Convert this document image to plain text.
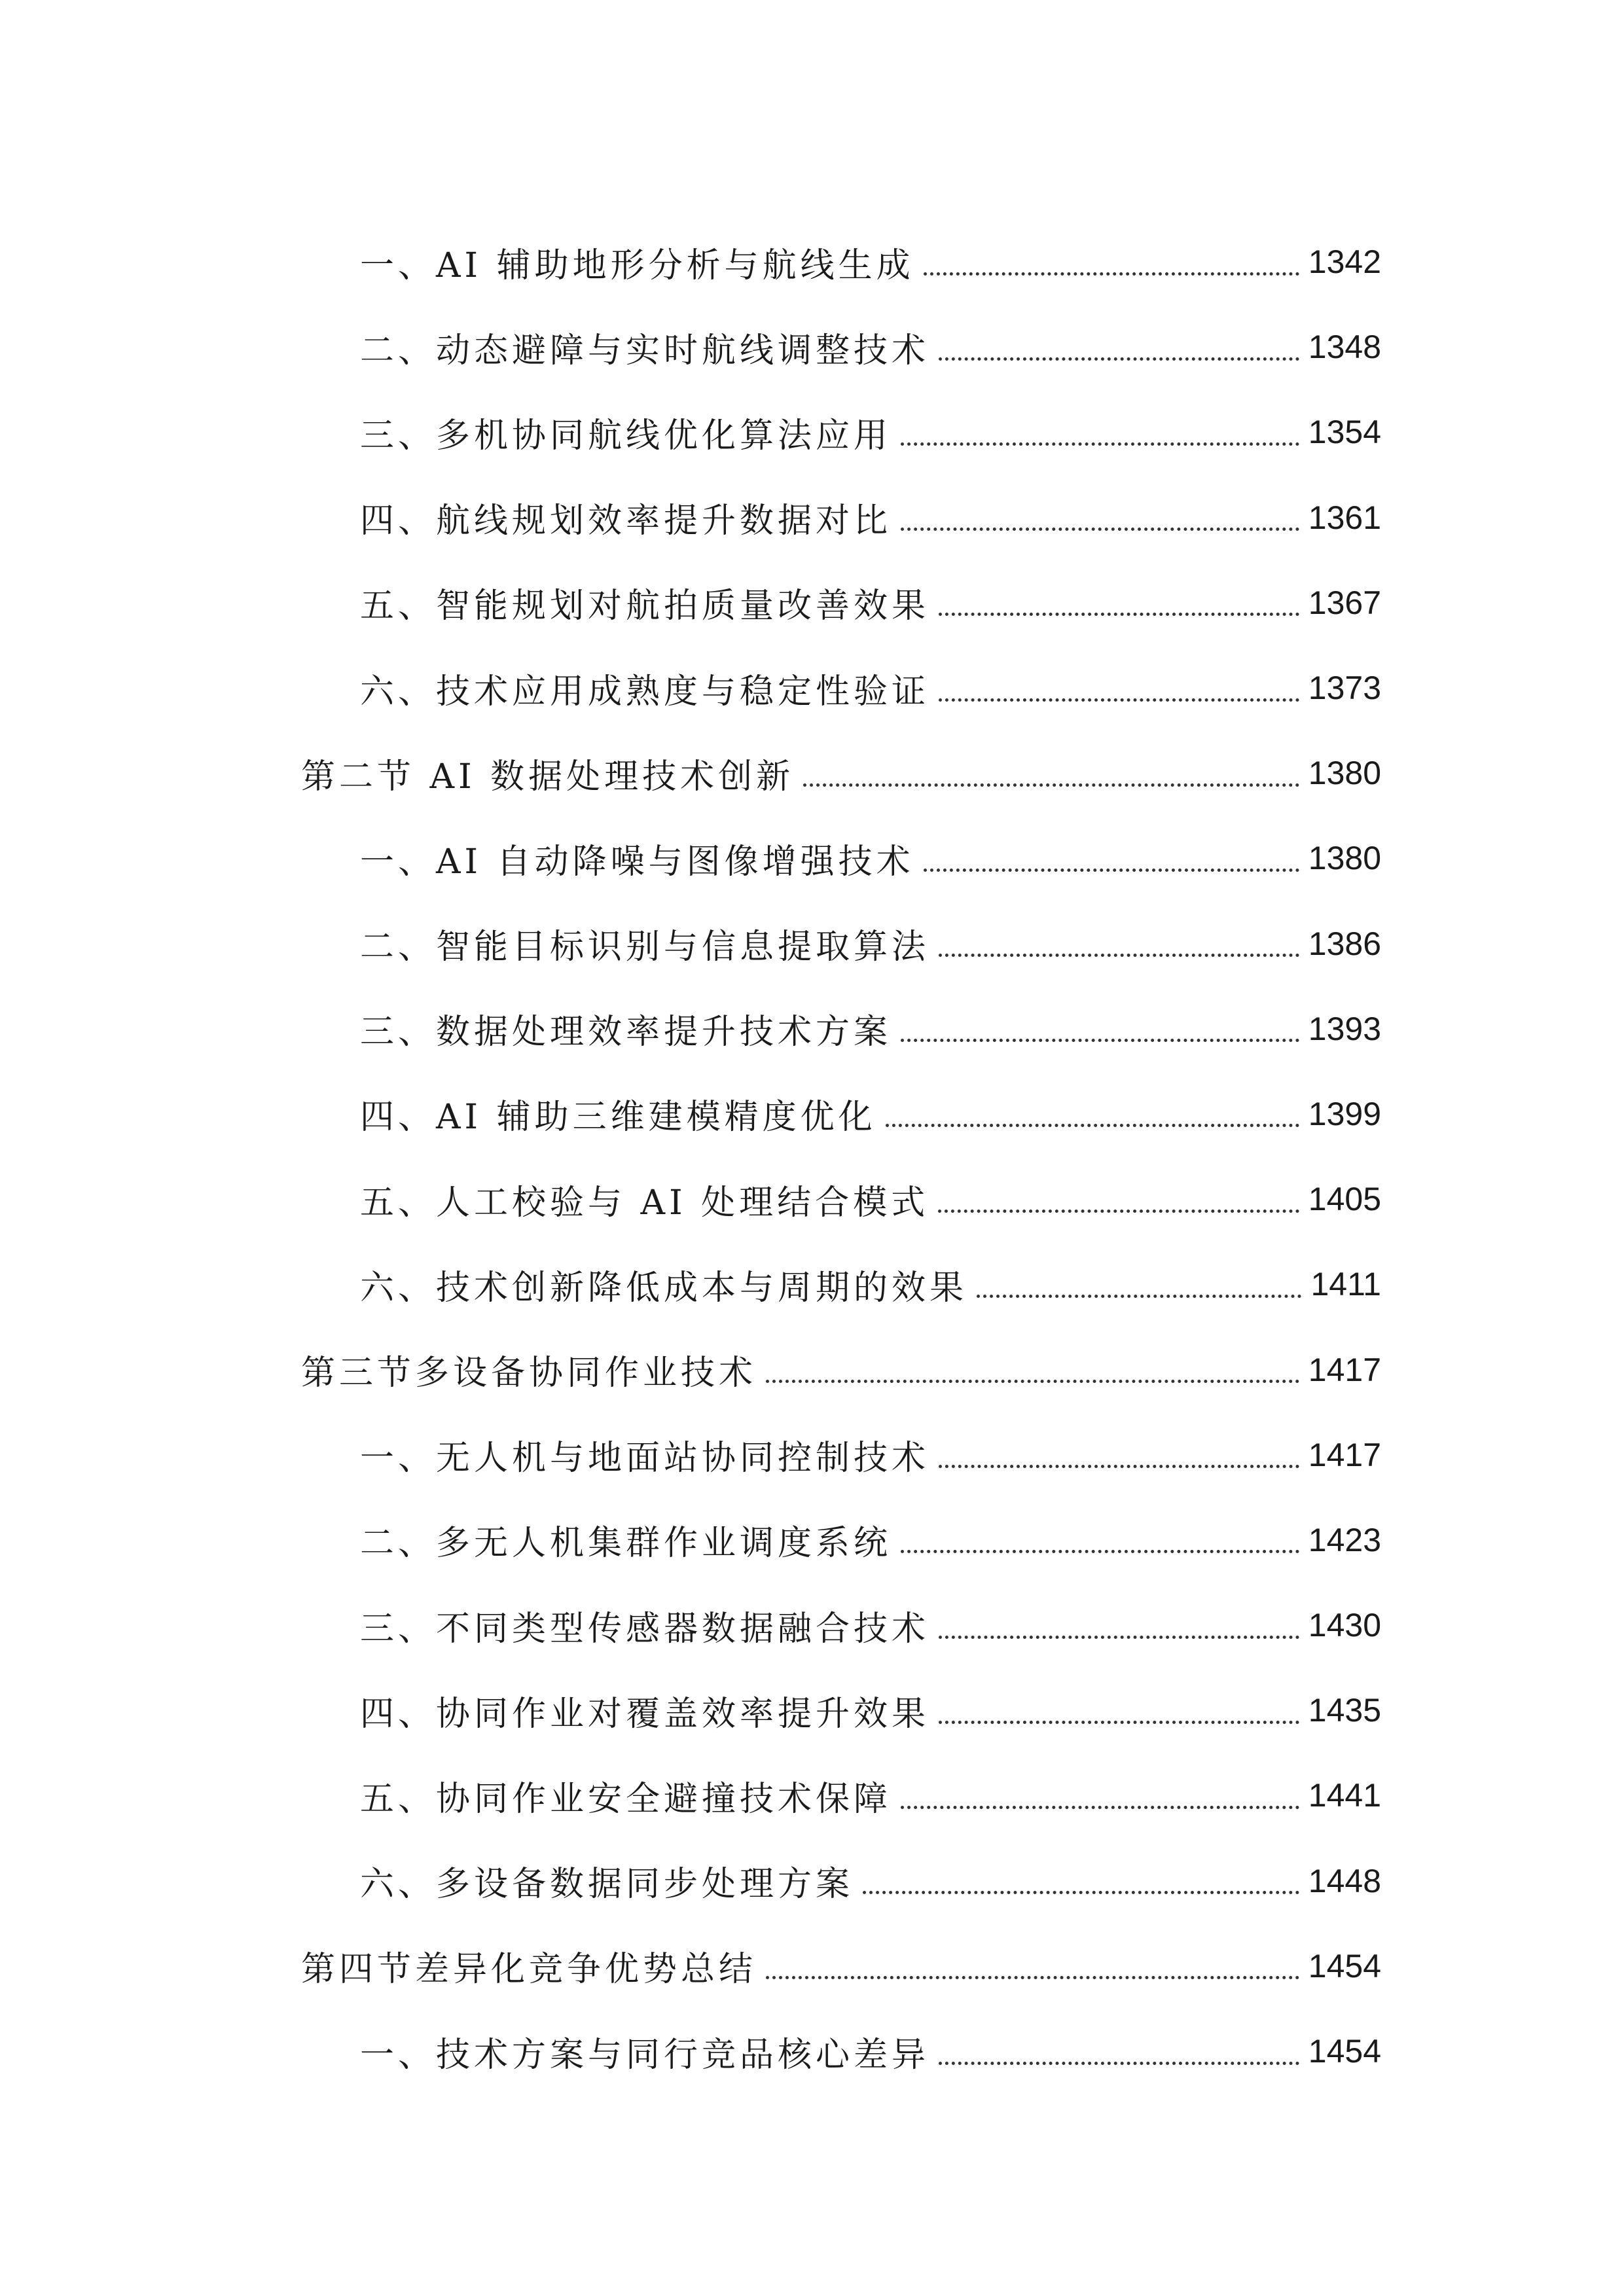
一、AI 辅助地形分析与航线生成	1342
二、动态避障与实时航线调整技术	1348
三、多机协同航线优化算法应用	1354
四、航线规划效率提升数据对比	1361
五、智能规划对航拍质量改善效果	1367
六、技术应用成熟度与稳定性验证	1373
第二节 AI 数据处理技术创新	1380
一、AI 自动降噪与图像增强技术	1380
二、智能目标识别与信息提取算法	1386
三、数据处理效率提升技术方案	1393
四、AI 辅助三维建模精度优化	1399
五、人工校验与 AI 处理结合模式	1405
六、技术创新降低成本与周期的效果	1411
第三节多设备协同作业技术	1417
一、无人机与地面站协同控制技术	1417
二、多无人机集群作业调度系统	1423
三、不同类型传感器数据融合技术	1430
四、协同作业对覆盖效率提升效果	1435
五、协同作业安全避撞技术保障	1441
六、多设备数据同步处理方案	1448
第四节差异化竞争优势总结	1454
一、技术方案与同行竞品核心差异	1454
